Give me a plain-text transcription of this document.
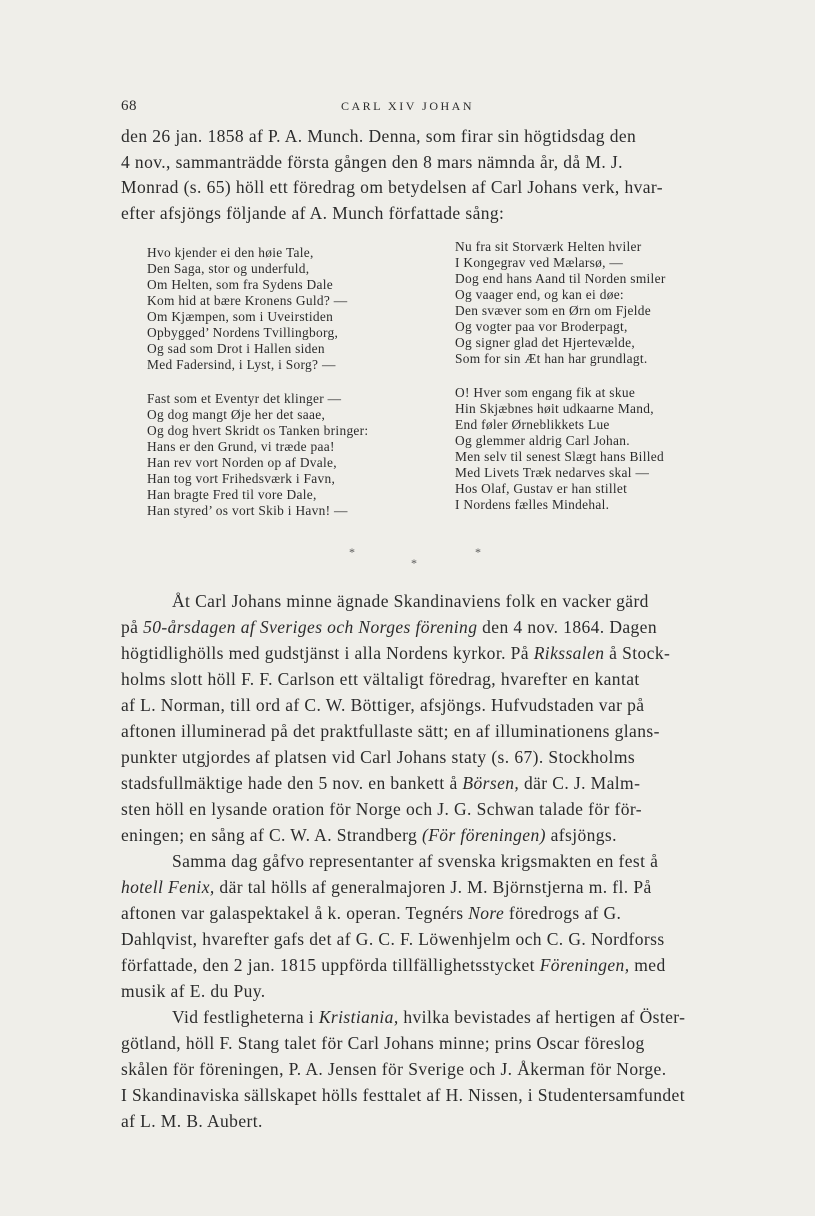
68	CARL XIV JOHAN
den 26 jan. 1858 af P. A. Munch. Denna, som firar sin högtidsdag den
4 nov., sammanträdde första gången den 8 mars nämnda år, då M. J.
Monrad (s. 65) höll ett föredrag om betydelsen af Carl Johans verk, hvar-
efter afsjöngs följande af A. Munch författade sång:
Hvo kjender ei den høie Tale,
Den Saga, stor og underfuld,
Om Helten, som fra Sydens Dale
Kom hid at bære Kronens Guld? —
Om Kjæmpen, som i Uveirstiden
Opbygged’ Nordens Tvillingborg,
Og sad som Drot i Hallen siden
Med Fadersind, i Lyst, i Sorg? —
Nu fra sit Storværk Helten hviler
I Kongegrav ved Mælarsø, —
Dog end hans Aand til Norden smiler
Og vaager end, og kan ei døe:
Den svæver som en Ørn om Fjelde
Og vogter paa vor Broderpagt,
Og signer glad det Hjertevælde,
Som for sin Æt han har grundlagt.
Fast som et Eventyr det klinger —
Og dog mangt Øje her det saae,
Og dog hvert Skridt os Tanken bringer:
Hans er den Grund, vi træde paa!
Han rev vort Norden op af Dvale,
Han tog vort Frihedsværk i Favn,
Han bragte Fred til vore Dale,
Han styred’ os vort Skib i Havn! —
O! Hver som engang fik at skue
Hin Skjæbnes høit udkaarne Mand,
End føler Ørneblikkets Lue
Og glemmer aldrig Carl Johan.
Men selv til senest Slægt hans Billed
Med Livets Træk nedarves skal —
Hos Olaf, Gustav er han stillet
I Nordens fælles Mindehal.
*	*
*
Åt Carl Johans minne ägnade Skandinaviens folk en vacker gärd
på 50-årsdagen af Sveriges och Norges förening den 4 nov. 1864. Dagen
högtidlighölls med gudstjänst i alla Nordens kyrkor. På Rikssalen å Stock-
holms slott höll F. F. Carlson ett vältaligt föredrag, hvarefter en kantat
af L. Norman, till ord af C. W. Böttiger, afsjöngs. Hufvudstaden var på
aftonen illuminerad på det praktfullaste sätt; en af illuminationens glans-
punkter utgjordes af platsen vid Carl Johans staty (s. 67). Stockholms
stadsfullmäktige hade den 5 nov. en bankett å Börsen, där C. J. Malm-
sten höll en lysande oration för Norge och J. G. Schwan talade för för-
eningen; en sång af C. W. A. Strandberg (För föreningen) afsjöngs.
Samma dag gåfvo representanter af svenska krigsmakten en fest å
hotell Fenix, där tal hölls af generalmajoren J. M. Björnstjerna m. fl. På
aftonen var galaspektakel å k. operan. Tegnérs Nore föredrogs af G.
Dahlqvist, hvarefter gafs det af G. C. F. Löwenhjelm och C. G. Nordforss
författade, den 2 jan. 1815 uppförda tillfällighetsstycket Föreningen, med
musik af E. du Puy.
Vid festligheterna i Kristiania, hvilka bevistades af hertigen af Öster-
götland, höll F. Stang talet för Carl Johans minne; prins Oscar föreslog
skålen för föreningen, P. A. Jensen för Sverige och J. Åkerman för Norge.
I Skandinaviska sällskapet hölls festtalet af H. Nissen, i Studentersamfundet
af L. M. B. Aubert.
